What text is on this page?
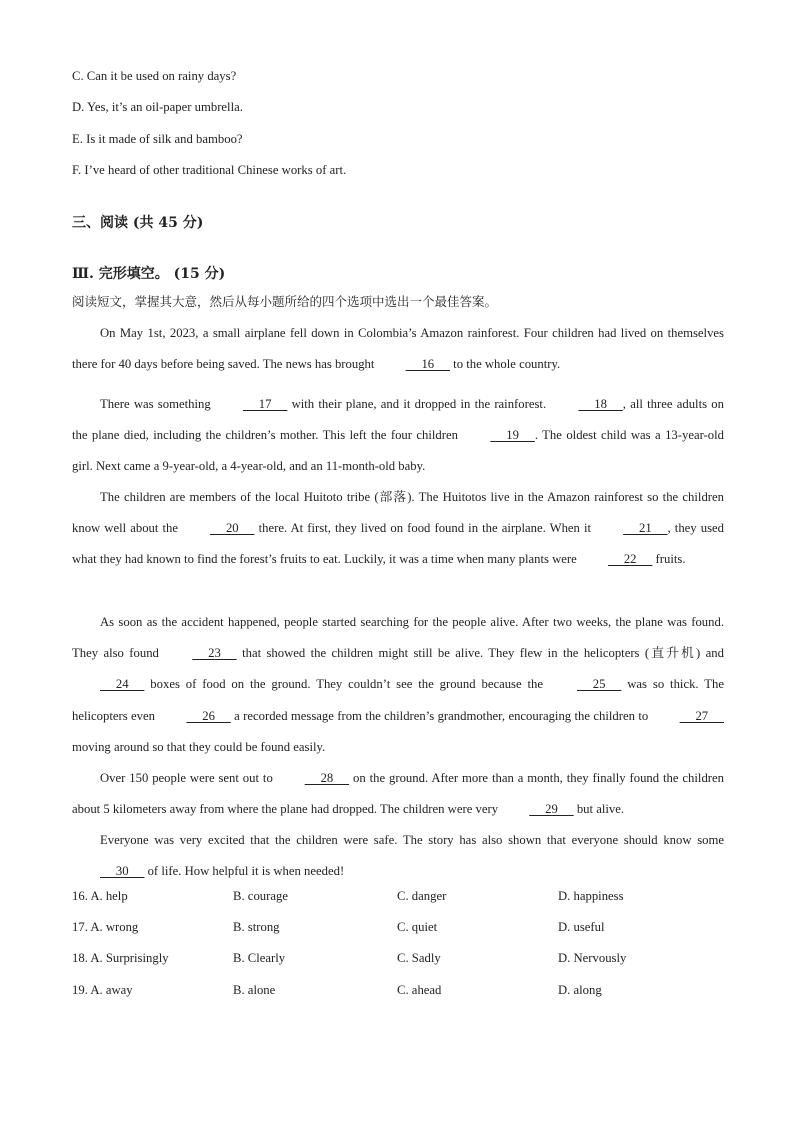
C. Can it be used on rainy days?
D. Yes, it’s an oil-paper umbrella.
E. Is it made of silk and bamboo?
F. I’ve heard of other traditional Chinese works of art.
三、阅读 (共 45 分)
Ⅲ. 完形填空。 (15 分)
阅读短文，掌握其大意，然后从每小题所给的四个选项中选出一个最佳答案。
On May 1st, 2023, a small airplane fell down in Colombia’s Amazon rainforest. Four children had lived on themselves there for 40 days before being saved. The news has brought      16      to the whole country.
There was something      17      with their plane, and it dropped in the rainforest.      18     , all three adults on the plane died, including the children’s mother. This left the four children      19     . The oldest child was a 13-year-old girl. Next came a 9-year-old, a 4-year-old, and an 11-month-old baby.
The children are members of the local Huitoto tribe (部落). The Huitotos live in the Amazon rainforest so the children know well about the      20      there. At first, they lived on food found in the airplane. When it      21     , they used what they had known to find the forest’s fruits to eat. Luckily, it was a time when many plants were      22      fruits.
As soon as the accident happened, people started searching for the people alive. After two weeks, the plane was found. They also found      23      that showed the children might still be alive. They flew in the helicopters (直升机) and      24      boxes of food on the ground. They couldn’t see the ground because the      25      was so thick. The helicopters even      26      a recorded message from the children’s grandmother, encouraging the children to      27      moving around so that they could be found easily.
Over 150 people were sent out to      28      on the ground. After more than a month, they finally found the children about 5 kilometers away from where the plane had dropped. The children were very      29      but alive.
Everyone was very excited that the children were safe. The story has also shown that everyone should know some      30      of life. How helpful it is when needed!
16. A. help	B. courage	C. danger	D. happiness
17. A. wrong	B. strong	C. quiet	D. useful
18. A. Surprisingly	B. Clearly	C. Sadly	D. Nervously
19. A. away	B. alone	C. ahead	D. along
